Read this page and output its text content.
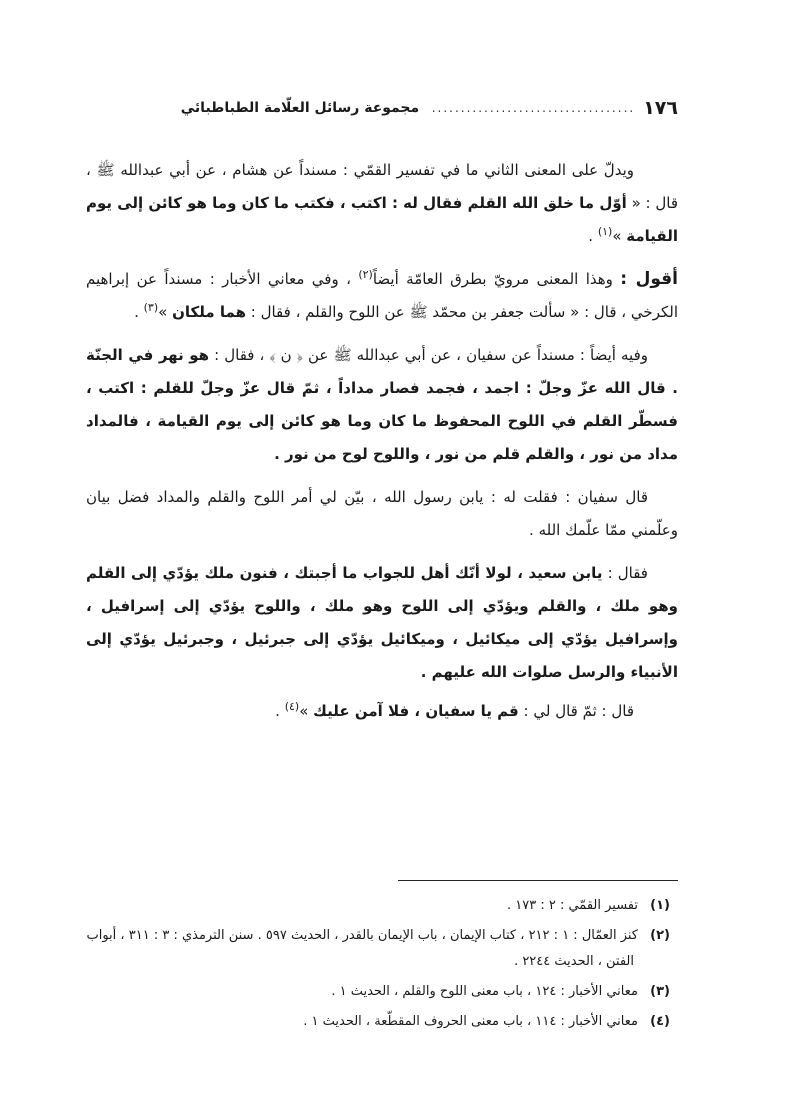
١٧٦
...................................
مجموعة رسائل العلّامة الطباطبائي

ويدلّ على المعنى الثاني ما في تفسير القمّي : مسنداً عن هشام ، عن أبي عبدالله ﷺ ، قال : « أوّل ما خلق الله القلم فقال له : اكتب ، فكتب ما كان وما هو كائن إلى يوم القيامة »$^{(١)}$ .

أقول : وهذا المعنى مرويّ بطرق العامّة أيضاً$^{(٢)}$ ، وفي معاني الأخبار : مسنداً عن إبراهيم الكرخي ، قال : « سألت جعفر بن محمّد ﷺ عن اللوح والقلم ، فقال : هما ملكان »$^{(٣)}$ .

وفيه أيضاً : مسنداً عن سفيان ، عن أبي عبدالله ﷺ عن ﴿ ن ﴾ ، فقال : هو نهر في الجنّة . قال الله عزّ وجلّ : اجمد ، فجمد فصار مداداً ، ثمّ قال عزّ وجلّ للقلم : اكتب ، فسطّر القلم في اللوح المحفوظ ما كان وما هو كائن إلى يوم القيامة ، فالمداد مداد من نور ، والقلم قلم من نور ، واللوح لوح من نور .

قال سفيان : فقلت له : يابن رسول الله ، بيّن لي أمر اللوح والقلم والمداد فضل بيان وعلّمني ممّا علّمك الله .

فقال : يابن سعيد ، لولا أنّك أهل للجواب ما أجبتك ، فنون ملك يؤدّي إلى القلم وهو ملك ، والقلم ويؤدّي إلى اللوح وهو ملك ، واللوح يؤدّي إلى إسرافيل ، وإسرافيل يؤدّي إلى ميكائيل ، وميكائيل يؤدّي إلى جبرئيل ، وجبرئيل يؤدّي إلى الأنبياء والرسل صلوات الله عليهم .

قال : ثمّ قال لي : قم يا سفيان ، فلا آمن عليك »$^{(٤)}$ .

(١)تفسير القمّي : ٢ : ١٧٣ .
(٢)كنز العمّال : ١ : ٢١٢ ، كتاب الإيمان ، باب الإيمان بالقدر ، الحديث ٥٩٧ . سنن الترمذي : ٣ : ٣١١ ، أبواب الفتن ، الحديث ٢٢٤٤ .
(٣)معاني الأخبار : ١٢٤ ، باب معنى اللوح والقلم ، الحديث ١ .
(٤)معاني الأخبار : ١١٤ ، باب معنى الحروف المقطّعة ، الحديث ١ .
